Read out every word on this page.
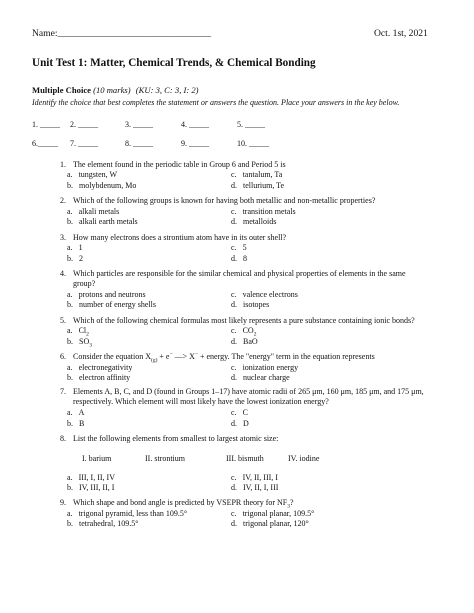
Name:________________________________	Oct. 1st, 2021
Unit Test 1: Matter, Chemical Trends, & Chemical Bonding
Multiple Choice (10 marks) (KU: 3, C: 3, I: 2)
Identify the choice that best completes the statement or answers the question. Place your answers in the key below.
1. _____ 2. _____	3. _____	4. _____	5. _____
6._____ 7. _____	8. _____	9. _____	10. _____
1. The element found in the periodic table in Group 6 and Period 5 is
a.   tungsten, W
b.   molybdenum, Mo
c.   tantalum, Ta
d.   tellurium, Te
2. Which of the following groups is known for having both metallic and non-metallic properties?
a.   alkali metals
b.   alkali earth metals
c.   transition metals
d.   metalloids
3. How many electrons does a strontium atom have in its outer shell?
a.   1
b.   2
c.   5
d.   8
4. Which particles are responsible for the similar chemical and physical properties of elements in the same
group?
a.   protons and neutrons
b.   number of energy shells
c.   valence electrons
d.   isotopes
5. Which of the following chemical formulas most likely represents a pure substance containing ionic bonds?
a.   $Cl_2$
b.   $SO_3$
c.   $CO_2$
d.   BaO
6. Consider the equation $X_{(g)} + e^-$ —> X− + energy. The "energy" term in the equation represents
a.   electronegativity
b.   electron affinity
c.   ionization energy
d.   nuclear charge
7. Elements A, B, C, and D (found in Groups 1–17) have atomic radii of 265 μm, 160 μm, 185 μm, and 175 μm,
respectively. Which element will most likely have the lowest ionization energy?
a.   A
b.   B
c.   C
d.   D
8. List the following elements from smallest to largest atomic size:
I. barium	II. strontium	III. bismuth	IV. iodine
a.   III, I, II, IV
b.   IV, III, II, I
c.   IV, II, III, I
d.   IV, II, I, III
9. Which shape and bond angle is predicted by VSEPR theory for $NF_3$?
a.   trigonal pyramid, less than 109.5°
b.   tetrahedral, 109.5°
c.   trigonal planar, 109.5°
d.   trigonal planar, 120°
